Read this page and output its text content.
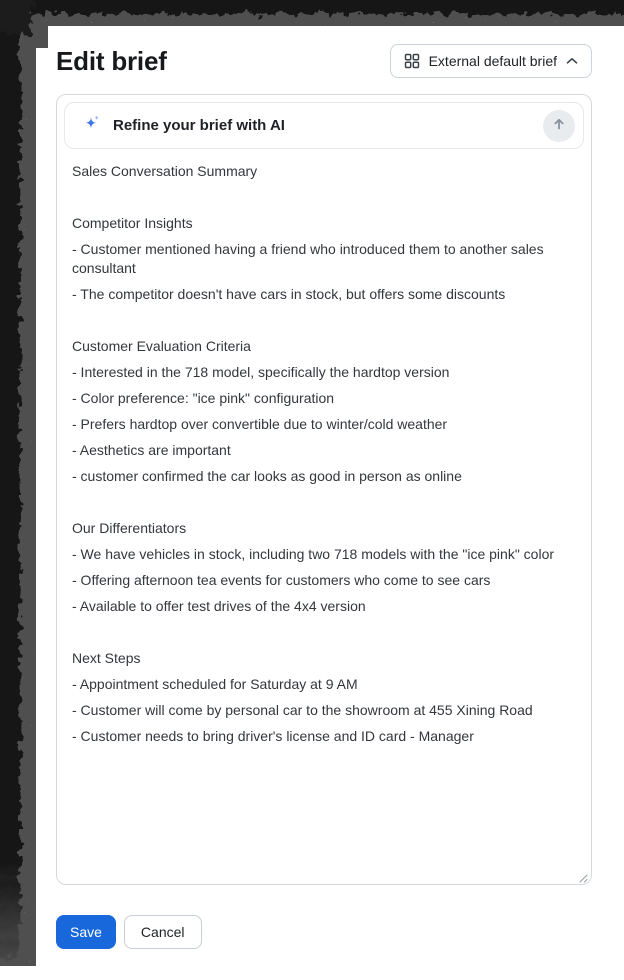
Edit brief	External default brief
Refine your brief with AI

Sales Conversation Summary

Competitor Insights

- Customer mentioned having a friend who introduced them to another sales consultant

- The competitor doesn't have cars in stock, but offers some discounts

Customer Evaluation Criteria

- Interested in the 718 model, specifically the hardtop version

- Color preference: "ice pink" configuration

- Prefers hardtop over convertible due to winter/cold weather

- Aesthetics are important

- customer confirmed the car looks as good in person as online

Our Differentiators

- We have vehicles in stock, including two 718 models with the "ice pink" color

- Offering afternoon tea events for customers who come to see cars

- Available to offer test drives of the 4x4 version

Next Steps

- Appointment scheduled for Saturday at 9 AM

- Customer will come by personal car to the showroom at 455 Xining Road

- Customer needs to bring driver's license and ID card - Manager

Save	Cancel
